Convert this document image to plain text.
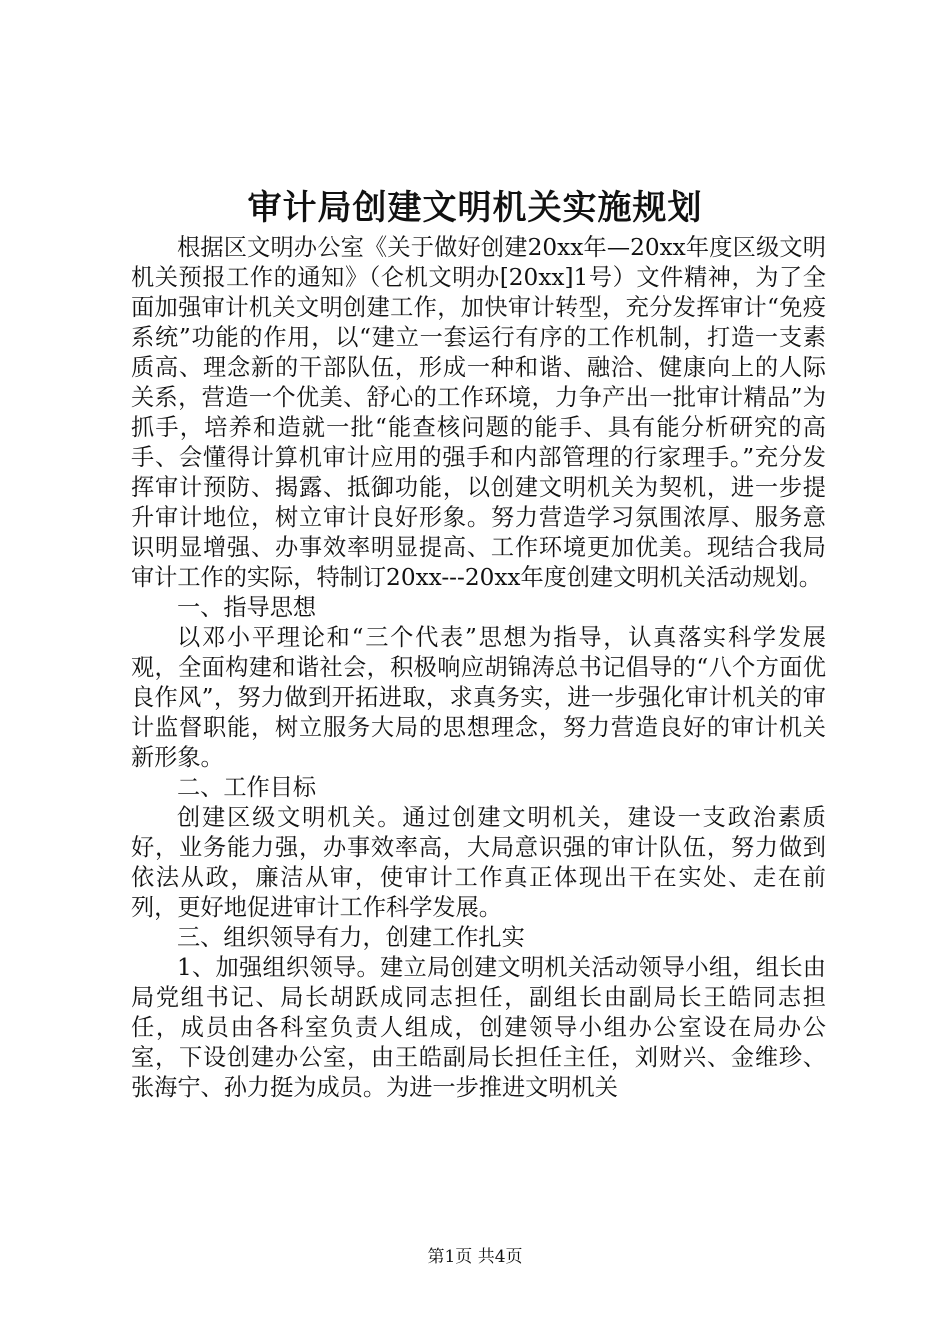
审计局创建文明机关实施规划

根据区文明办公室《关于做好创建20xx年—20xx年度区级文明机关预报工作的通知》（仑机文明办[20xx]1号）文件精神，为了全面加强审计机关文明创建工作，加快审计转型，充分发挥审计“免疫系统”功能的作用，以“建立一套运行有序的工作机制，打造一支素质高、理念新的干部队伍，形成一种和谐、融洽、健康向上的人际关系，营造一个优美、舒心的工作环境，力争产出一批审计精品”为抓手，培养和造就一批“能查核问题的能手、具有能分析研究的高手、会懂得计算机审计应用的强手和内部管理的行家理手。”充分发挥审计预防、揭露、抵御功能，以创建文明机关为契机，进一步提升审计地位，树立审计良好形象。努力营造学习氛围浓厚、服务意识明显增强、办事效率明显提高、工作环境更加优美。现结合我局审计工作的实际，特制订20xx---20xx年度创建文明机关活动规划。

一、指导思想

以邓小平理论和“三个代表”思想为指导，认真落实科学发展观，全面构建和谐社会，积极响应胡锦涛总书记倡导的“八个方面优良作风”，努力做到开拓进取，求真务实，进一步强化审计机关的审计监督职能，树立服务大局的思想理念，努力营造良好的审计机关新形象。

二、工作目标

创建区级文明机关。通过创建文明机关，建设一支政治素质好，业务能力强，办事效率高，大局意识强的审计队伍，努力做到依法从政，廉洁从审，使审计工作真正体现出干在实处、走在前列，更好地促进审计工作科学发展。

三、组织领导有力，创建工作扎实

1、加强组织领导。建立局创建文明机关活动领导小组，组长由局党组书记、局长胡跃成同志担任，副组长由副局长王皓同志担任，成员由各科室负责人组成，创建领导小组办公室设在局办公室，下设创建办公室，由王皓副局长担任主任，刘财兴、金维珍、张海宁、孙力挺为成员。为进一步推进文明机关

第1页 共4页
